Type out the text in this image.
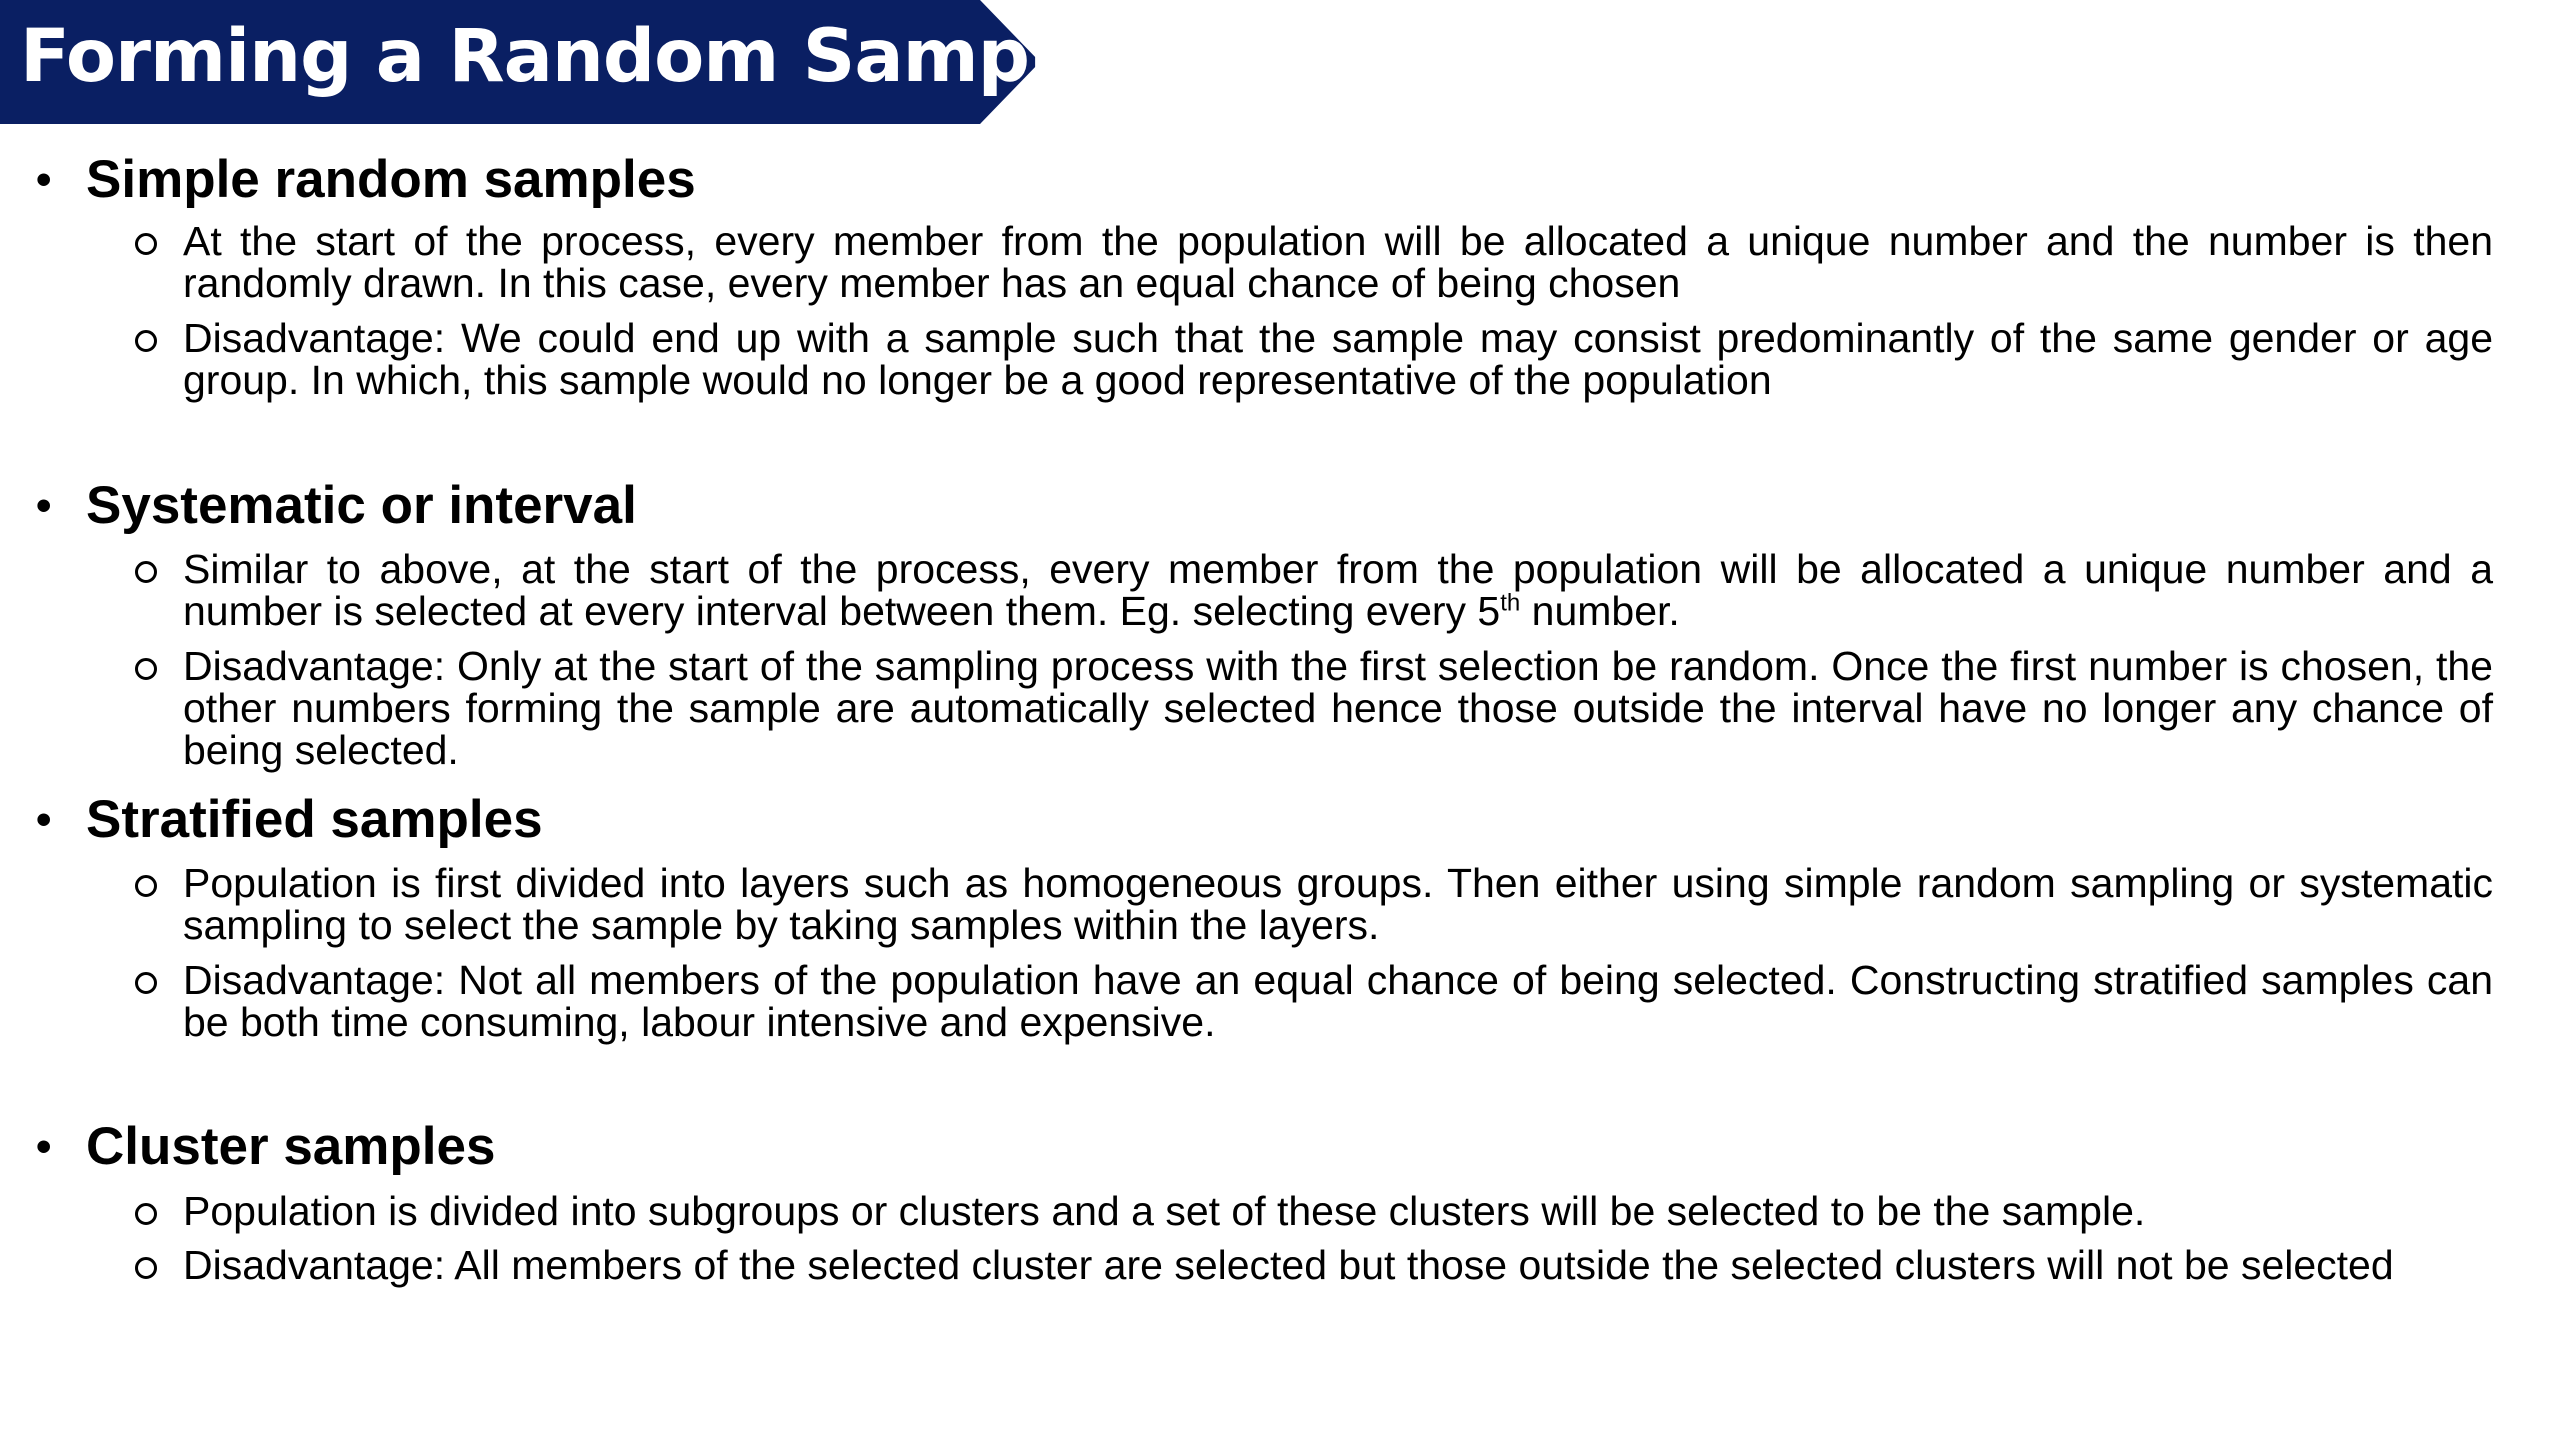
Forming a Random Sample
• Simple random samples
At the start of the process, every member from the population will be allocated a unique number and the number is then randomly drawn. In this case, every member has an equal chance of being chosen
Disadvantage: We could end up with a sample such that the sample may consist predominantly of the same gender or age group. In which, this sample would no longer be a good representative of the population
• Systematic or interval
Similar to above, at the start of the process, every member from the population will be allocated a unique number and a number is selected at every interval between them. Eg. selecting every 5th number.
Disadvantage: Only at the start of the sampling process with the first selection be random. Once the first number is chosen, the other numbers forming the sample are automatically selected hence those outside the interval have no longer any chance of being selected.
• Stratified samples
Population is first divided into layers such as homogeneous groups. Then either using simple random sampling or systematic sampling to select the sample by taking samples within the layers.
Disadvantage: Not all members of the population have an equal chance of being selected. Constructing stratified samples can be both time consuming, labour intensive and expensive.
• Cluster samples
Population is divided into subgroups or clusters and a set of these clusters will be selected to be the sample.
Disadvantage: All members of the selected cluster are selected but those outside the selected clusters will not be selected
